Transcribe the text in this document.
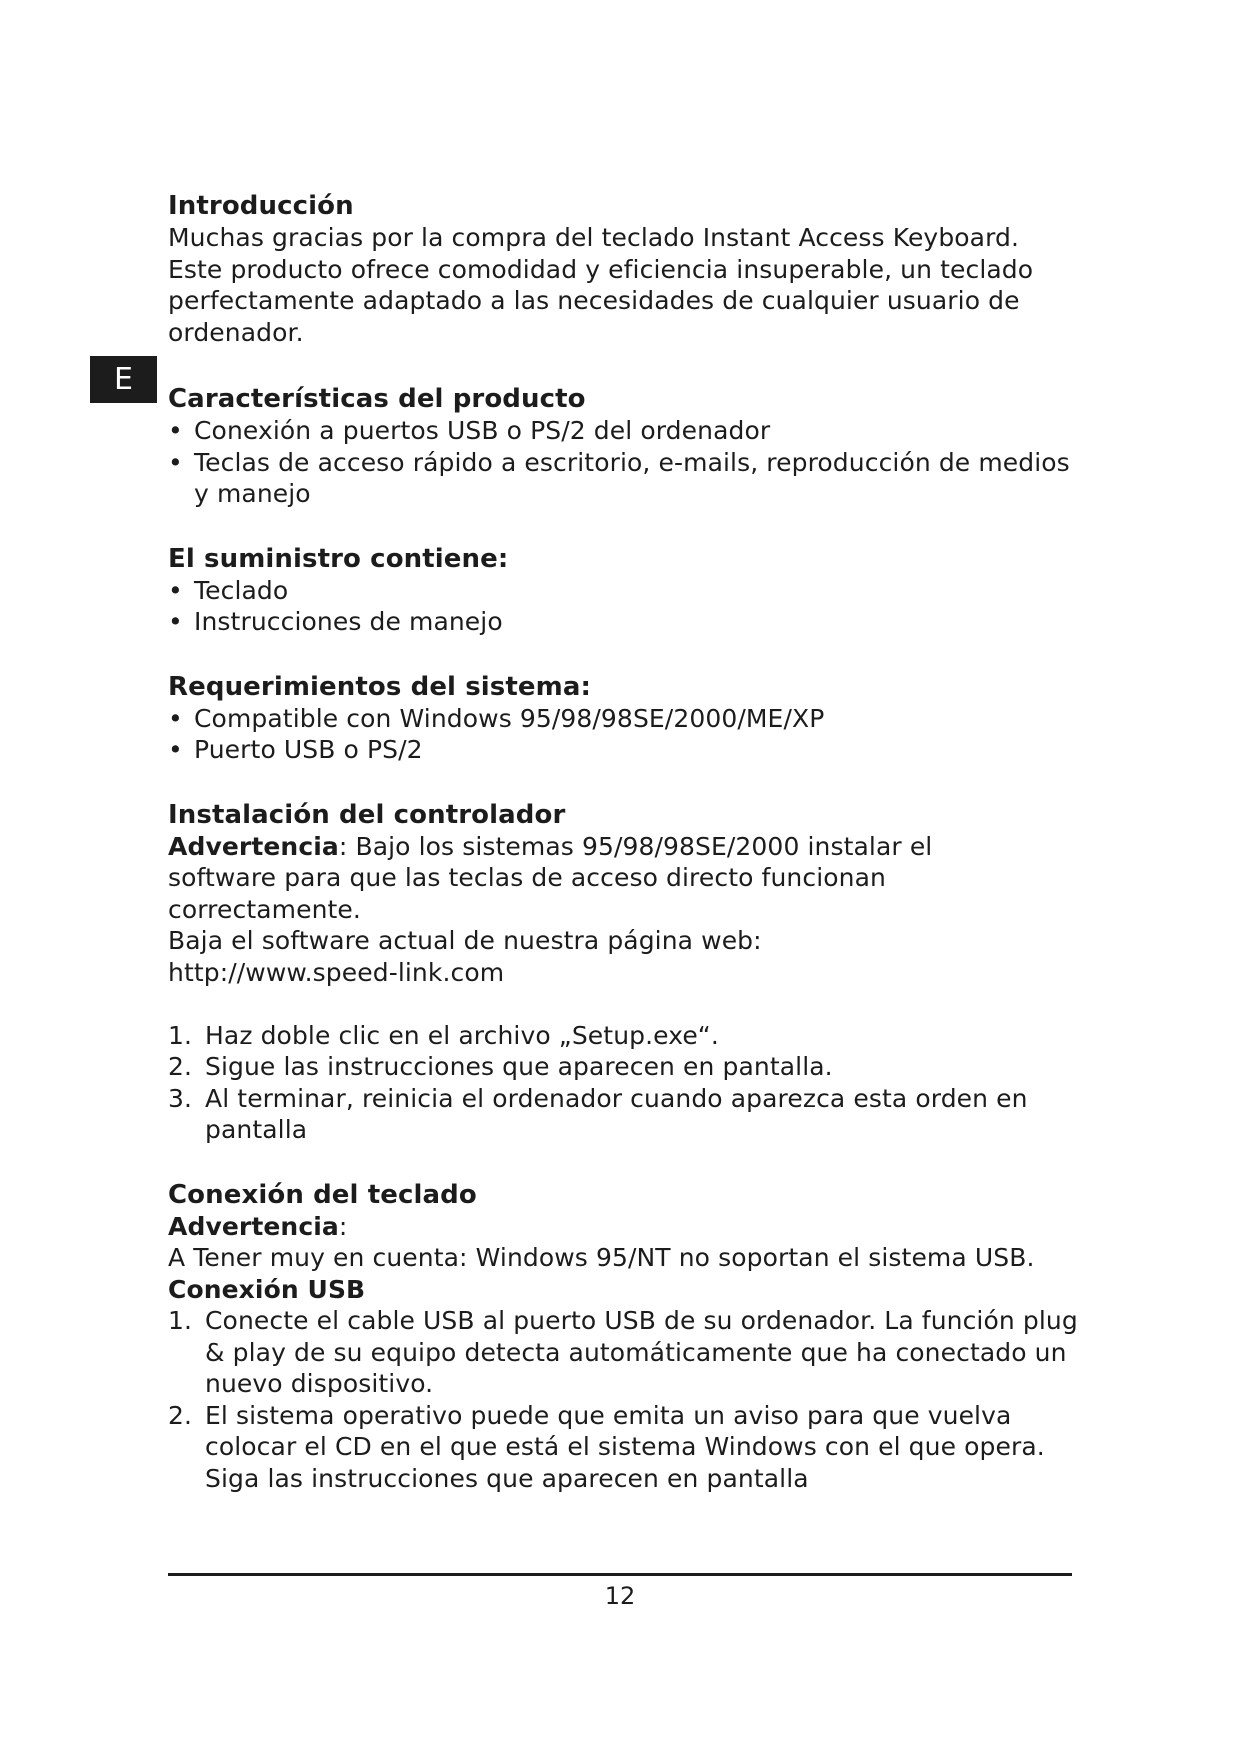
E
Introducción

Muchas gracias por la compra del teclado Instant Access Keyboard.

Este producto ofrece comodidad y eficiencia insuperable, un teclado

perfectamente adaptado a las necesidades de cualquier usuario de

ordenador.

Características del producto
• Conexión a puertos USB o PS/2 del ordenador
• Teclas de acceso rápido a escritorio, e-mails, reproducción de medios y manejo
El suministro contiene:
• Teclado
• Instrucciones de manejo
Requerimientos del sistema:
• Compatible con Windows 95/98/98SE/2000/ME/XP
• Puerto USB o PS/2
Instalación del controlador

Advertencia: Bajo los sistemas 95/98/98SE/2000 instalar el software para que las teclas de acceso directo funcionan correctamente.

Baja el software actual de nuestra página web:

http://www.speed-link.com

1. Haz doble clic en el archivo „Setup.exe“.
2. Sigue las instrucciones que aparecen en pantalla.
3. Al terminar, reinicia el ordenador cuando aparezca esta orden en pantalla
Conexión del teclado

Advertencia:

A Tener muy en cuenta: Windows 95/NT no soportan el sistema USB.

Conexión USB

1. Conecte el cable USB al puerto USB de su ordenador. La función plug & play de su equipo detecta automáticamente que ha conectado un nuevo dispositivo.
2. El sistema operativo puede que emita un aviso para que vuelva colocar el CD en el que está el sistema Windows con el que opera. Siga las instrucciones que aparecen en pantalla
12
